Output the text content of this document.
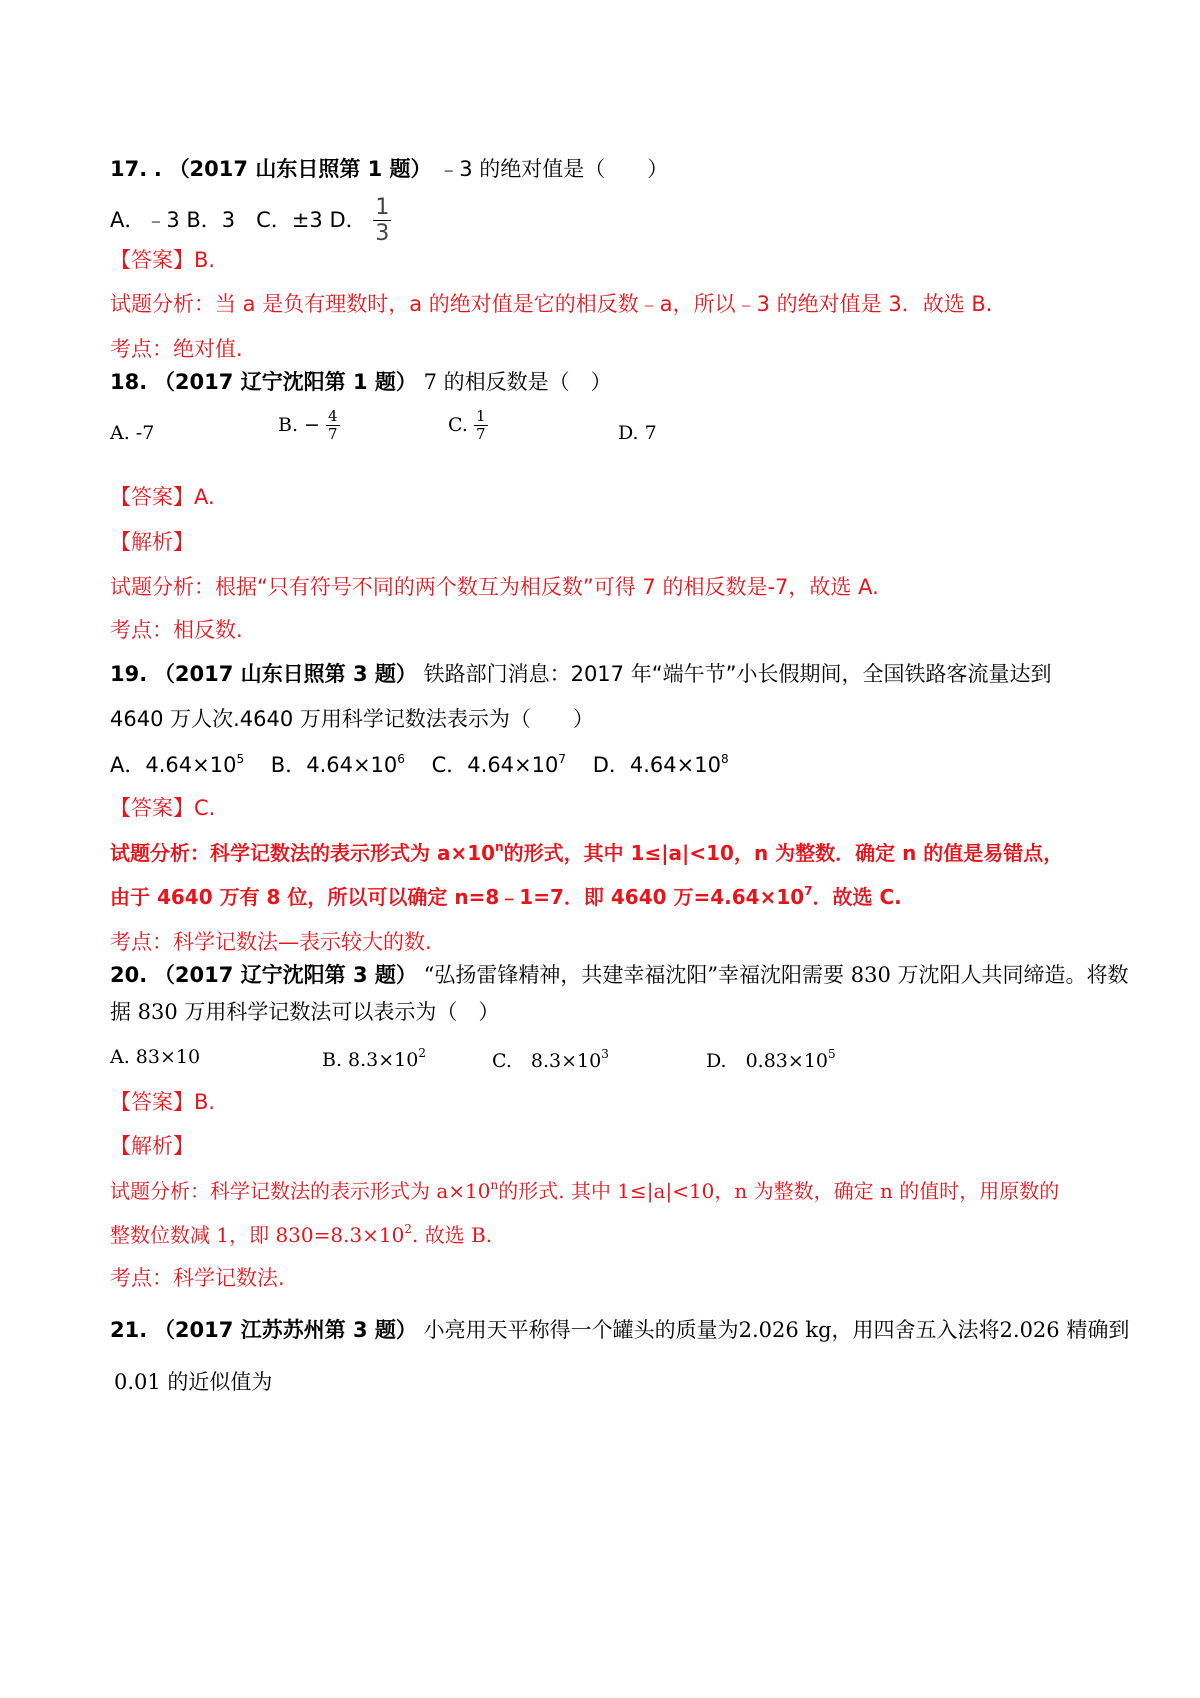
17. . （2017 山东日照第 1 题） ﹣3 的绝对值是（　　）
A．﹣3 B．3　C．±3 D． $\frac{1}{3}$
【答案】B.
试题分析：当 a 是负有理数时，a 的绝对值是它的相反数﹣a，所以﹣3 的绝对值是 3．故选 B.
考点：绝对值.
18. （2017 辽宁沈阳第 1 题） 7 的相反数是（　）
A. -7	B. − $\frac{4}{7}$	C. $\frac{1}{7}$	D. 7
【答案】A.
【解析】
试题分析：根据“只有符号不同的两个数互为相反数”可得 7 的相反数是-7，故选 A.
考点：相反数.
19. （2017 山东日照第 3 题） 铁路部门消息：2017 年“端午节”小长假期间，全国铁路客流量达到
4640 万人次.4640 万用科学记数法表示为（　　）
A．$4.64\times 10^5$ B．$4.64\times 10^6$ C．$4.64\times 10^7$ D．$4.64\times 10^8$
【答案】C.
试题分析：科学记数法的表示形式为 $a\times 10^n$的形式，其中 1≤|a|<10，n 为整数．确定 n 的值是易错点，
由于 4640 万有 8 位，所以可以确定 n=8﹣1=7．即 4640 万$=4.64\times 10^7$．故选 C.
考点：科学记数法—表示较大的数.
20. （2017 辽宁沈阳第 3 题） “弘扬雷锋精神，共建幸福沈阳”幸福沈阳需要 830 万沈阳人共同缔造。将数
据 830 万用科学记数法可以表示为（　）
A. 83×10	B. $8.3\times 10^2$	C.　$8.3\times 10^3$	D.　$0.83\times 10^5$
【答案】B.
【解析】
试题分析：科学记数法的表示形式为 $a\times 10^n$的形式. 其中 1≤|a|<10，n 为整数，确定 n 的值时，用原数的
整数位数减 1，即 $830=8.3\times 10^2$. 故选 B.
考点：科学记数法.
21. （2017 江苏苏州第 3 题） 小亮用天平称得一个罐头的质量为2.026 kg，用四舍五入法将2.026 精确到
0.01 的近似值为
